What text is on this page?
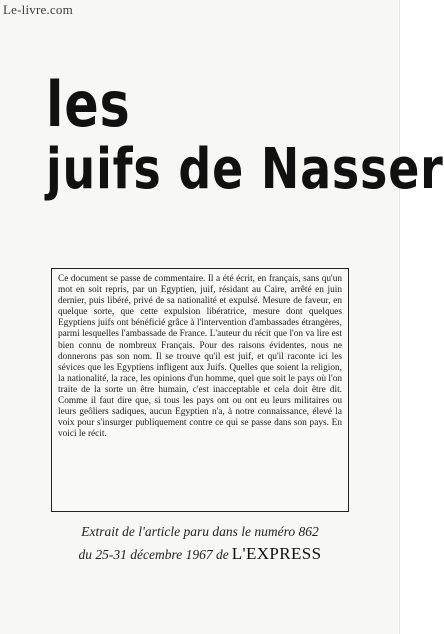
Le-livre.com
les
juifs de Nasser

Ce document se passe de commentaire. Il a été écrit, en français, sans qu'un mot en soit repris, par un Egyptien, juif, résidant au Caire, arrêté en juin dernier, puis libéré, privé de sa nationalité et expulsé. Mesure de faveur, en quelque sorte, que cette expulsion libératrice, mesure dont quelques Egyptiens juifs ont bénéficié grâce à l'intervention d'ambassades étrangères, parmi lesquelles l'ambassade de France. L'auteur du récit que l'on va lire est bien connu de nombreux Français. Pour des raisons évidentes, nous ne donnerons pas son nom. Il se trouve qu'il est juif, et qu'il raconte ici les sévices que les Egyptiens infligent aux Juifs. Quelles que soient la religion, la nationalité, la race, les opinions d'un homme, quel que soit le pays où l'on traite de la sorte un être humain, c'est inacceptable et cela doit être dit. Comme il faut dire que, si tous les pays ont ou ont eu leurs militaires ou leurs geôliers sadiques, aucun Egyptien n'a, à notre connaissance, élevé la voix pour s'insurger publiquement contre ce qui se passe dans son pays. En voici le récit.

Extrait de l'article paru dans le numéro 862
du 25-31 décembre 1967 de L'EXPRESS
